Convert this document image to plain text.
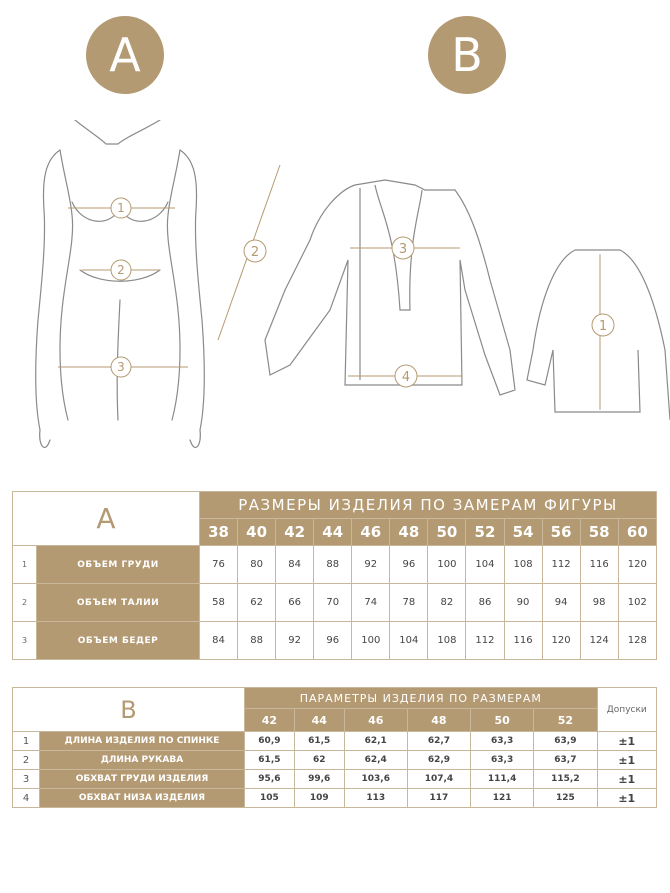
A	B
1
2
3
2	3
4
1
A		РАЗМЕРЫ ИЗДЕЛИЯ ПО ЗАМЕРАМ ФИГУРЫ											
		38	40	42	44	46	48	50	52	54	56	58	60
1	ОБЪЕМ ГРУДИ	76	80	84	88	92	96	100	104	108	112	116	120
2	ОБЪЕМ ТАЛИИ	58	62	66	70	74	78	82	86	90	94	98	102
3	ОБЪЕМ БЕДЕР	84	88	92	96	100	104	108	112	116	120	124	128
B		ПАРАМЕТРЫ ИЗДЕЛИЯ ПО РАЗМЕРАМ						Допуски
		42	44	46	48	50	52	
1	ДЛИНА ИЗДЕЛИЯ ПО СПИНКЕ	60,9	61,5	62,1	62,7	63,3	63,9	±1
2	ДЛИНА РУКАВА	61,5	62	62,4	62,9	63,3	63,7	±1
3	ОБХВАТ ГРУДИ ИЗДЕЛИЯ	95,6	99,6	103,6	107,4	111,4	115,2	±1
4	ОБХВАТ НИЗА ИЗДЕЛИЯ	105	109	113	117	121	125	±1
